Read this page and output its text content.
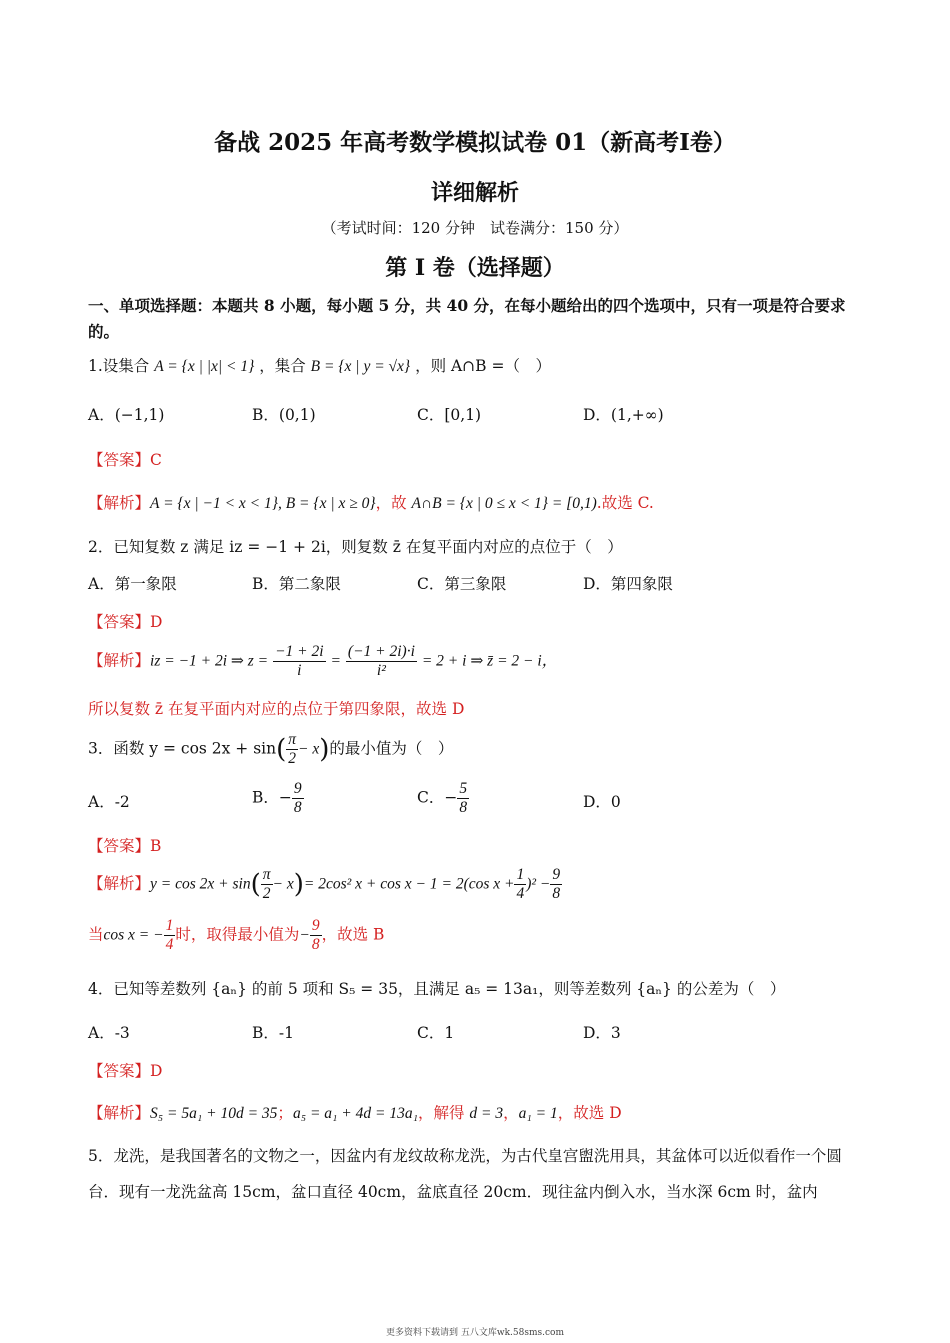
备战 2025 年高考数学模拟试卷 01（新高考Ⅰ卷）
详细解析
（考试时间：120 分钟　试卷满分：150 分）
第 I 卷（选择题）
一、单项选择题：本题共 8 小题，每小题 5 分，共 40 分，在每小题给出的四个选项中，只有一项是符合要求的。
1.设集合 A = {x | |x| < 1} ，集合 B = {x | y = √x} ，则 A∩B =（　）
A．(−1,1)	B．(0,1)	C．[0,1)	D．(1,+∞)
【答案】C
【解析】A = {x | −1 < x < 1}, B = {x | x ≥ 0}，故 A∩B = {x | 0 ≤ x < 1} = [0,1).故选 C.
2．已知复数 z 满足 iz = −1 + 2i，则复数 z̄ 在复平面内对应的点位于（　）
A．第一象限	B．第二象限	C．第三象限	D．第四象限
【答案】D
【解析】iz = −1 + 2i ⇒ $z = \frac{-1 + 2i}{i} = \frac{(-1 + 2i)\cdot i}{\text{i²}} = 2 + i$ ⇒ z̄ = 2 − i，
所以复数 z̄ 在复平面内对应的点位于第四象限，故选 D
3．函数 $y = \cos 2x + \sin( \frac{\pi}{2} - x)$的最小值为（　）
A．-2	B．− $\frac{9}{8}$	C．− $\frac{5}{8}$	D．0
【答案】B
【解析】$y = \cos 2x + \sin( \frac{\pi}{2} - x)= 2\cos^2$ x + cos x − 1 = 2(cos $x + \frac{1}{4} )^2 - \frac{9}{8}$
当cos x = − $\frac{1}{4}$ 时，取得最小值为− $\frac{9}{8}$ ，故选 B
4．已知等差数列 {aₙ} 的前 5 项和 S₅ = 35，且满足 a₅ = 13a₁，则等差数列 {aₙ} 的公差为（　）
A．-3	B．-1	C．1	D．3
【答案】D
【解析】S₅ = 5a₁ + 10d = 35；a₅ = a₁ + 4d = 13a₁，解得 d = 3，a₁ = 1，故选 D
5．龙洗，是我国著名的文物之一，因盆内有龙纹故称龙洗，为古代皇宫盥洗用具，其盆体可以近似看作一个圆台．现有一龙洗盆高 15cm，盆口直径 40cm，盆底直径 20cm．现往盆内倒入水，当水深 6cm 时，盆内
更多资料下载请到 五八文库wk.58sms.com
